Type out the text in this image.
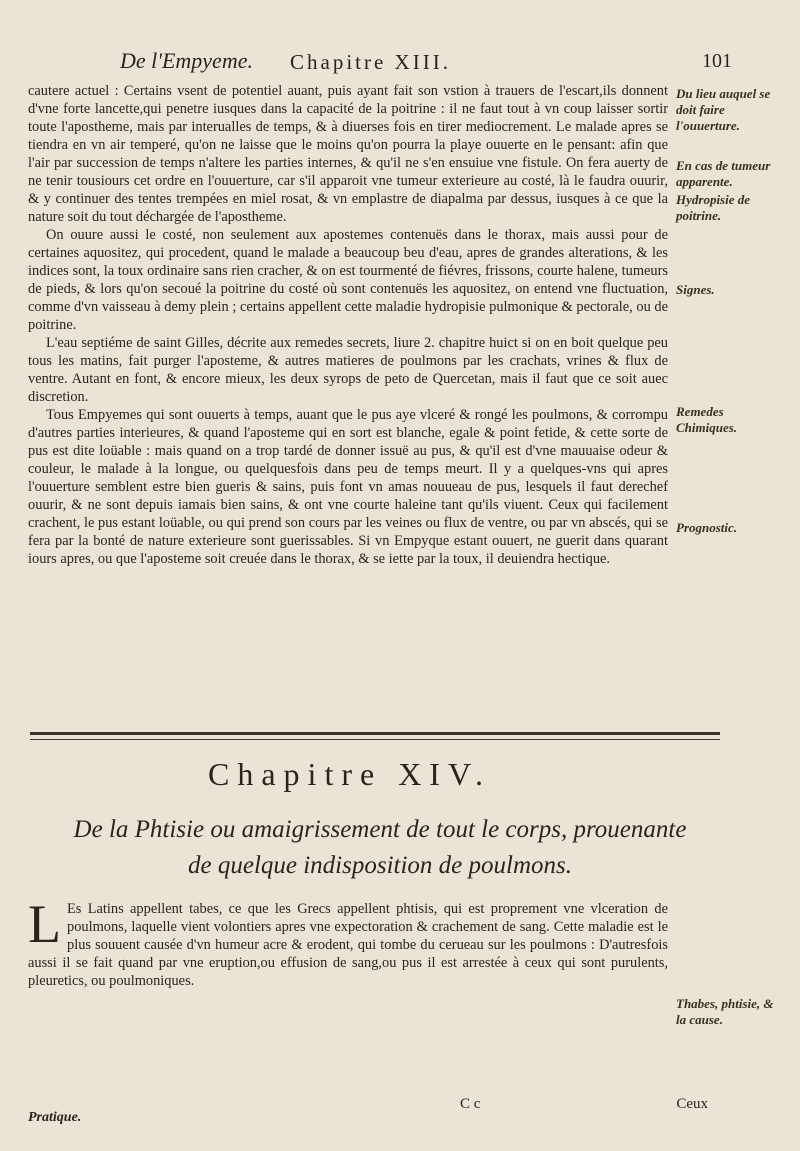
De l'Empyeme. Chapitre XIII.	101

cautere actuel : Certains vsent de potentiel auant, puis ayant fait son vstion à trauers de l'escart,ils donnent d'vne forte lancette,qui penetre iusques dans la capacité de la poitrine : il ne faut tout à vn coup laisser sortir toute l'apostheme, mais par interualles de temps, & à diuerses fois en tirer mediocrement. Le malade apres se tiendra en vn air temperé, qu'on ne laisse que le moins qu'on pourra la playe ouuerte en le pensant: afin que l'air par succession de temps n'altere les parties internes, & qu'il ne s'en ensuiue vne fistule. On fera auerty de ne tenir tousiours cet ordre en l'ouuerture, car s'il apparoit vne tumeur exterieure au costé, là le faudra ouurir, & y continuer des tentes trempées en miel rosat, & vn emplastre de diapalma par dessus, iusques à ce que la nature soit du tout déchargée de l'apostheme.

On ouure aussi le costé, non seulement aux apostemes contenuës dans le thorax, mais aussi pour de certaines aquositez, qui procedent, quand le malade a beaucoup beu d'eau, apres de grandes alterations, & les indices sont, la toux ordinaire sans rien cracher, & on est tourmenté de fiévres, frissons, courte halene, tumeurs de pieds, & lors qu'on secoué la poitrine du costé où sont contenuës les aquositez, on entend vne fluctuation, comme d'vn vaisseau à demy plein ; certains appellent cette maladie hydropisie pulmonique & pectorale, ou de poitrine.

L'eau septiéme de saint Gilles, décrite aux remedes secrets, liure 2. chapitre huict si on en boit quelque peu tous les matins, fait purger l'aposteme, & autres matieres de poulmons par les crachats, vrines & flux de ventre. Autant en font, & encore mieux, les deux syrops de peto de Quercetan, mais il faut que ce soit auec discretion.

Tous Empyemes qui sont ouuerts à temps, auant que le pus aye vlceré & rongé les poulmons, & corrompu d'autres parties interieures, & quand l'aposteme qui en sort est blanche, egale & point fetide, & cette sorte de pus est dite loüable : mais quand on a trop tardé de donner issuë au pus, & qu'il est d'vne mauuaise odeur & couleur, le malade à la longue, ou quelquesfois dans peu de temps meurt. Il y a quelques-vns qui apres l'ouuerture semblent estre bien gueris & sains, puis font vn amas nouueau de pus, lesquels il faut derechef ouurir, & ne sont depuis iamais bien sains, & ont vne courte haleine tant qu'ils viuent. Ceux qui facilement crachent, le pus estant loüable, ou qui prend son cours par les veines ou flux de ventre, ou par vn abscés, qui se fera par la bonté de nature exterieure sont guerissables. Si vn Empyque estant ouuert, ne guerit dans quarant iours apres, ou que l'aposteme soit creuée dans le thorax, & se iette par la toux, il deuiendra hectique.

Du lieu auquel se doit faire l'ouuerture.
En cas de tumeur apparente.
Hydropisie de poitrine.
Signes.
Remedes Chimiques.
Prognostic.
Chapitre XIV.
De la Phtisie ou amaigrissement de tout le corps, prouenante de quelque indisposition de poulmons.

L Es Latins appellent tabes, ce que les Grecs appellent phtisis, qui est proprement vne vlceration de poulmons, laquelle vient volontiers apres vne expectoration & crachement de sang. Cette maladie est le plus souuent causée d'vn humeur acre & erodent, qui tombe du cerueau sur les poulmons : D'autresfois aussi il se fait quand par vne eruption,ou effusion de sang,ou pus il est arrestée à ceux qui sont purulents, pleuretics, ou poulmoniques.

Thabes, phtisie, & la cause.
Pratique.
C c	Ceux
